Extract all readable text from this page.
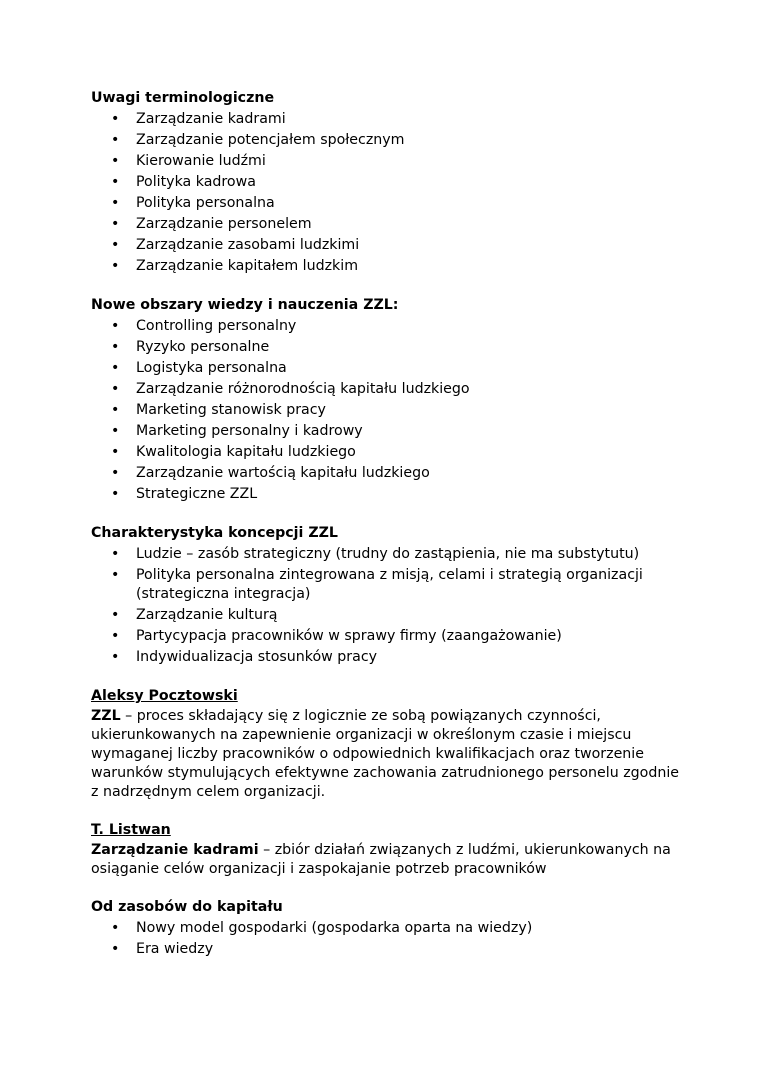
Uwagi terminologiczne

• Zarządzanie kadrami
• Zarządzanie potencjałem społecznym
• Kierowanie ludźmi
• Polityka kadrowa
• Polityka personalna
• Zarządzanie personelem
• Zarządzanie zasobami ludzkimi
• Zarządzanie kapitałem ludzkim

Nowe obszary wiedzy i nauczenia ZZL:

• Controlling personalny
• Ryzyko personalne
• Logistyka personalna
• Zarządzanie różnorodnością kapitału ludzkiego
• Marketing stanowisk pracy
• Marketing personalny i kadrowy
• Kwalitologia kapitału ludzkiego
• Zarządzanie wartością kapitału ludzkiego
• Strategiczne ZZL

Charakterystyka koncepcji ZZL

• Ludzie – zasób strategiczny (trudny do zastąpienia, nie ma substytutu)
• Polityka personalna zintegrowana z misją, celami i strategią organizacji (strategiczna integracja)
• Zarządzanie kulturą
• Partycypacja pracowników w sprawy firmy (zaangażowanie)
• Indywidualizacja stosunków pracy

Aleksy Pocztowski

ZZL – proces składający się z logicznie ze sobą powiązanych czynności, ukierunkowanych na zapewnienie organizacji w określonym czasie i miejscu wymaganej liczby pracowników o odpowiednich kwalifikacjach oraz tworzenie warunków stymulujących efektywne zachowania zatrudnionego personelu zgodnie z nadrzędnym celem organizacji.

T. Listwan

Zarządzanie kadrami – zbiór działań związanych z ludźmi, ukierunkowanych na osiąganie celów organizacji i zaspokajanie potrzeb pracowników

Od zasobów do kapitału

• Nowy model gospodarki (gospodarka oparta na wiedzy)
• Era wiedzy
